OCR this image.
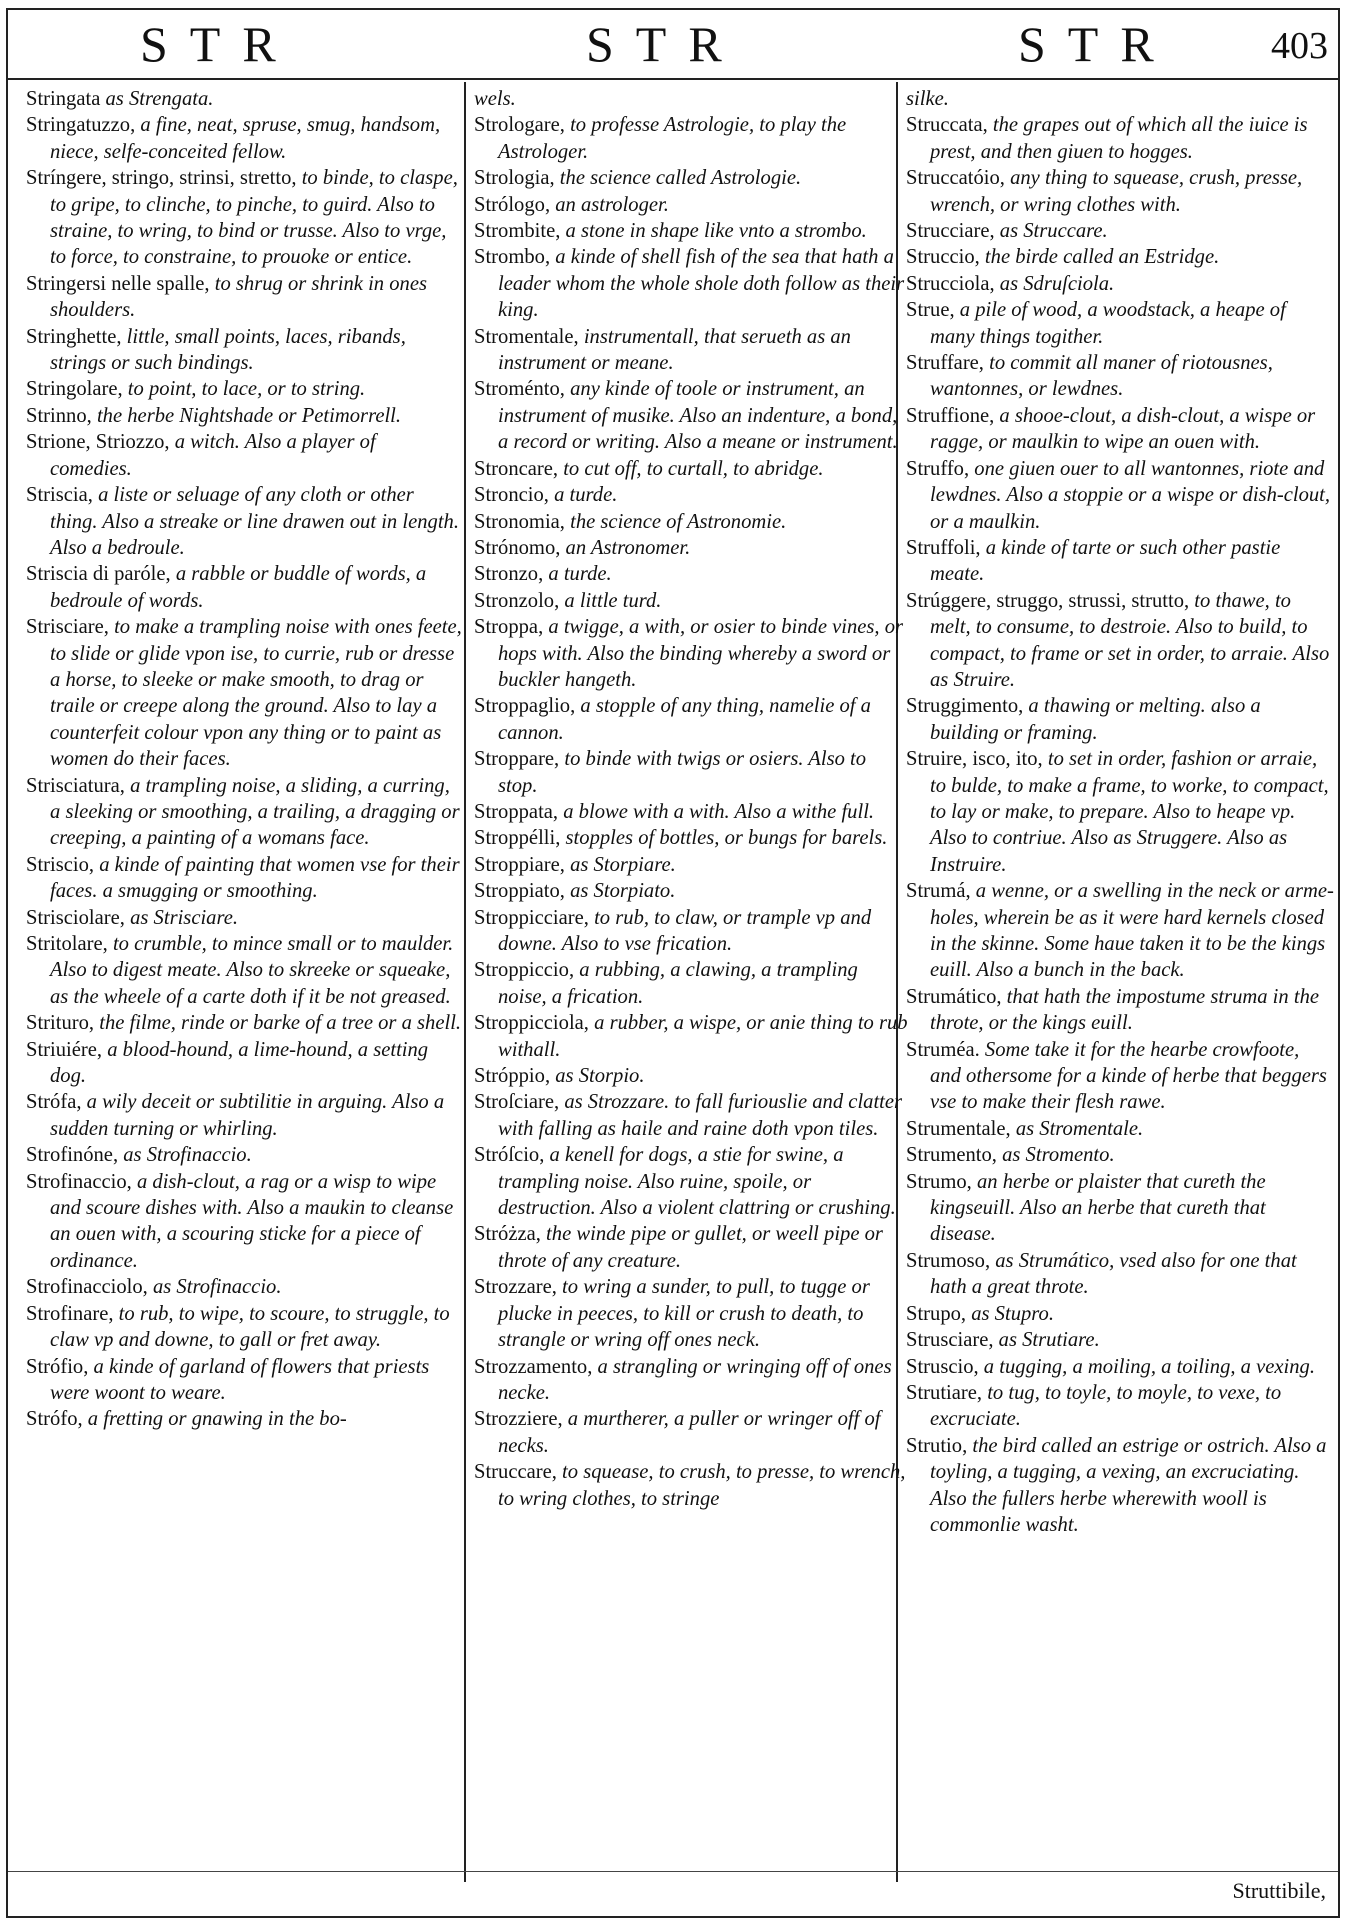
STR	STR	STR	403

Stringata as Strengata.

Stringatuzzo, a fine, neat, spruse, smug, handsom, niece, selfe-conceited fellow.

Stríngere, stringo, strinsi, stretto, to binde, to claspe, to gripe, to clinche, to pinche, to guird. Also to straine, to wring, to bind or trusse. Also to vrge, to force, to constraine, to prouoke or entice.

Stringersi nelle spalle, to shrug or shrink in ones shoulders.

Stringhette, little, small points, laces, ribands, strings or such bindings.

Stringolare, to point, to lace, or to string.

Strinno, the herbe Nightshade or Petimorrell.

Strione, Striozzo, a witch. Also a player of comedies.

Striscia, a liste or seluage of any cloth or other thing. Also a streake or line drawen out in length. Also a bedroule.

Striscia di paróle, a rabble or buddle of words, a bedroule of words.

Strisciare, to make a trampling noise with ones feete, to slide or glide vpon ise, to currie, rub or dresse a horse, to sleeke or make smooth, to drag or traile or creepe along the ground. Also to lay a counterfeit colour vpon any thing or to paint as women do their faces.

Strisciatura, a trampling noise, a sliding, a curring, a sleeking or smoothing, a trailing, a dragging or creeping, a painting of a womans face.

Striscio, a kinde of painting that women vse for their faces. a smugging or smoothing.

Strisciolare, as Strisciare.

Stritolare, to crumble, to mince small or to maulder. Also to digest meate. Also to skreeke or squeake, as the wheele of a carte doth if it be not greased.

Strituro, the filme, rinde or barke of a tree or a shell.

Striuiére, a blood-hound, a lime-hound, a setting dog.

Strófa, a wily deceit or subtilitie in arguing. Also a sudden turning or whirling.

Strofinóne, as Strofinaccio.

Strofinaccio, a dish-clout, a rag or a wisp to wipe and scoure dishes with. Also a maukin to cleanse an ouen with, a scouring sticke for a piece of ordinance.

Strofinacciolo, as Strofinaccio.

Strofinare, to rub, to wipe, to scoure, to struggle, to claw vp and downe, to gall or fret away.

Strófio, a kinde of garland of flowers that priests were woont to weare.

Strófo, a fretting or gnawing in the bo-

wels.

Strologare, to professe Astrologie, to play the Astrologer.

Strologia, the science called Astrologie.

Strólogo, an astrologer.

Strombite, a stone in shape like vnto a strombo.

Strombo, a kinde of shell fish of the sea that hath a leader whom the whole shole doth follow as their king.

Stromentale, instrumentall, that serueth as an instrument or meane.

Stroménto, any kinde of toole or instrument, an instrument of musike. Also an indenture, a bond, a record or writing. Also a meane or instrument.

Stroncare, to cut off, to curtall, to abridge.

Stroncio, a turde.

Stronomia, the science of Astronomie.

Strónomo, an Astronomer.

Stronzo, a turde.

Stronzolo, a little turd.

Stroppa, a twigge, a with, or osier to binde vines, or hops with. Also the binding whereby a sword or buckler hangeth.

Stroppaglio, a stopple of any thing, namelie of a cannon.

Stroppare, to binde with twigs or osiers. Also to stop.

Stroppata, a blowe with a with. Also a withe full.

Stroppélli, stopples of bottles, or bungs for barels.

Stroppiare, as Storpiare.

Stroppiato, as Storpiato.

Stroppicciare, to rub, to claw, or trample vp and downe. Also to vse frication.

Stroppiccio, a rubbing, a clawing, a trampling noise, a frication.

Stroppicciola, a rubber, a wispe, or anie thing to rub withall.

Stróppio, as Storpio.

Stroſciare, as Strozzare. to fall furiouslie and clatter with falling as haile and raine doth vpon tiles.

Stróſcio, a kenell for dogs, a stie for swine, a trampling noise. Also ruine, spoile, or destruction. Also a violent clattring or crushing.

Stróżza, the winde pipe or gullet, or weell pipe or throte of any creature.

Strozzare, to wring a sunder, to pull, to tugge or plucke in peeces, to kill or crush to death, to strangle or wring off ones neck.

Strozzamento, a strangling or wringing off of ones necke.

Strozziere, a murtherer, a puller or wringer off of necks.

Struccare, to squease, to crush, to presse, to wrench, to wring clothes, to stringe

silke.

Struccata, the grapes out of which all the iuice is prest, and then giuen to hogges.

Struccatóio, any thing to squease, crush, presse, wrench, or wring clothes with.

Strucciare, as Struccare.

Struccio, the birde called an Estridge.

Strucciola, as Sdruſciola.

Strue, a pile of wood, a woodstack, a heape of many things togither.

Struffare, to commit all maner of riotousnes, wantonnes, or lewdnes.

Struffione, a shooe-clout, a dish-clout, a wispe or ragge, or maulkin to wipe an ouen with.

Struffo, one giuen ouer to all wantonnes, riote and lewdnes. Also a stoppie or a wispe or dish-clout, or a maulkin.

Struffoli, a kinde of tarte or such other pastie meate.

Strúggere, struggo, strussi, strutto, to thawe, to melt, to consume, to destroie. Also to build, to compact, to frame or set in order, to arraie. Also as Struire.

Struggimento, a thawing or melting. also a building or framing.

Struire, isco, ito, to set in order, fashion or arraie, to bulde, to make a frame, to worke, to compact, to lay or make, to prepare. Also to heape vp. Also to contriue. Also as Struggere. Also as Instruire.

Strumá, a wenne, or a swelling in the neck or arme-holes, wherein be as it were hard kernels closed in the skinne. Some haue taken it to be the kings euill. Also a bunch in the back.

Strumático, that hath the impostume struma in the throte, or the kings euill.

Struméa. Some take it for the hearbe crowfoote, and othersome for a kinde of herbe that beggers vse to make their flesh rawe.

Strumentale, as Stromentale.

Strumento, as Stromento.

Strumo, an herbe or plaister that cureth the kingseuill. Also an herbe that cureth that disease.

Strumoso, as Strumático, vsed also for one that hath a great throte.

Strupo, as Stupro.

Strusciare, as Strutiare.

Struscio, a tugging, a moiling, a toiling, a vexing.

Strutiare, to tug, to toyle, to moyle, to vexe, to excruciate.

Strutio, the bird called an estrige or ostrich. Also a toyling, a tugging, a vexing, an excruciating. Also the fullers herbe wherewith wooll is commonlie washt.

Struttibile,
